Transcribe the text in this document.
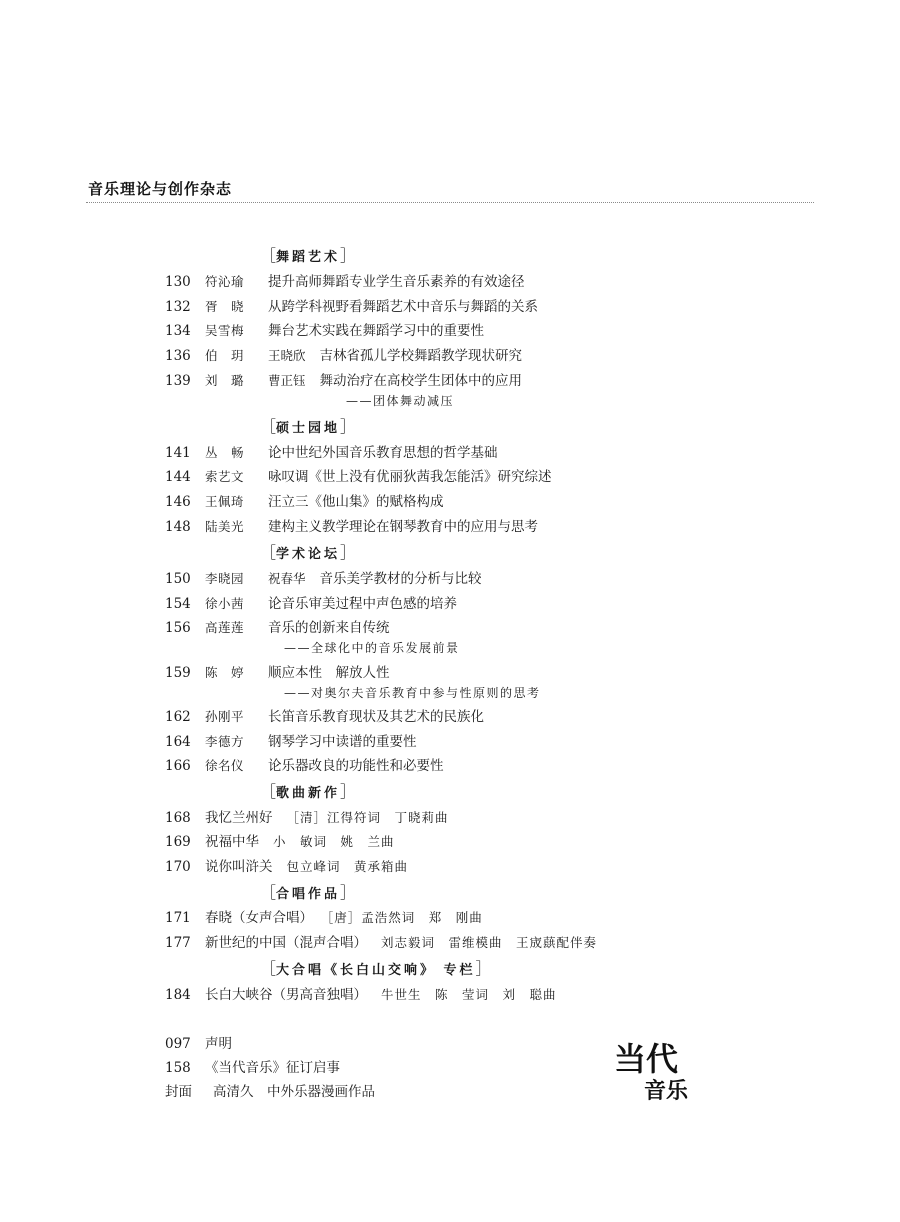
音乐理论与创作杂志
［舞蹈艺术］
130 符沁瑜 提升高师舞蹈专业学生音乐素养的有效途径
132 胥　晓 从跨学科视野看舞蹈艺术中音乐与舞蹈的关系
134 吴雪梅 舞台艺术实践在舞蹈学习中的重要性
136 伯　玥 王晓欣 吉林省孤儿学校舞蹈教学现状研究
139 刘　璐 曹正钰 舞动治疗在高校学生团体中的应用
——团体舞动减压
［硕士园地］
141 丛　畅 论中世纪外国音乐教育思想的哲学基础
144 索艺文 咏叹调《世上没有优丽狄茜我怎能活》研究综述
146 王佩琦 汪立三《他山集》的赋格构成
148 陆美光 建构主义教学理论在钢琴教育中的应用与思考
［学术论坛］
150 李晓园 祝春华 音乐美学教材的分析与比较
154 徐小茜 论音乐审美过程中声色感的培养
156 高莲莲 音乐的创新来自传统
——全球化中的音乐发展前景
159 陈　婷 顺应本性　解放人性
——对奥尔夫音乐教育中参与性原则的思考
162 孙刚平 长笛音乐教育现状及其艺术的民族化
164 李德方 钢琴学习中读谱的重要性
166 徐名仪 论乐器改良的功能性和必要性
［歌曲新作］
168 我忆兰州好 ［清］江得符词　丁晓莉曲
169 祝福中华 小　敏词　姚　兰曲
170 说你叫浒关 包立峰词　黄承箱曲
［合唱作品］
171 春晓（女声合唱） ［唐］孟浩然词　郑　刚曲
177 新世纪的中国（混声合唱） 刘志毅词　雷维模曲　王宬蕻配伴奏
［大合唱《长白山交响》 专栏］
184 长白大峡谷（男高音独唱） 牛世生　陈　莹词　刘　聪曲
097 声明
158 《当代音乐》征订启事
封面 高清久　中外乐器漫画作品
当代
音乐
